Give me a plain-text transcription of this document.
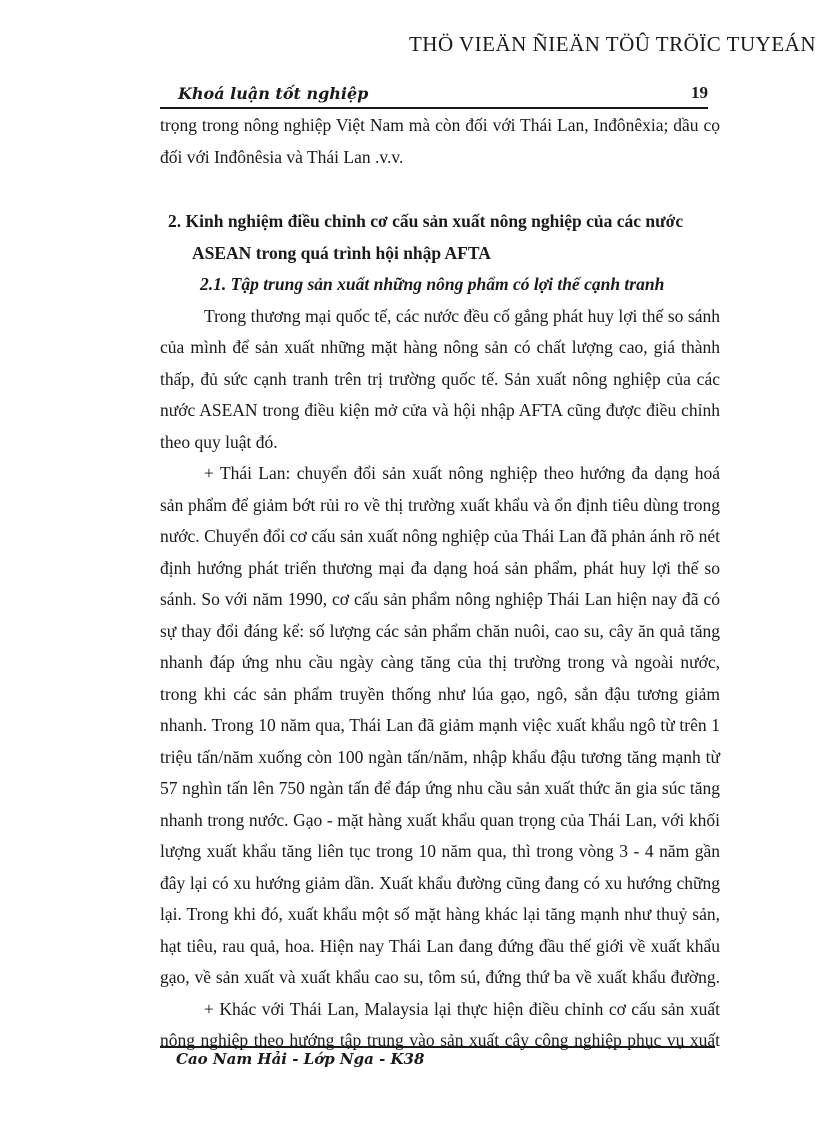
THÖ VIEÄN ÑIEÄN TÖÛ TRÖÏC TUYEÁN
Khoá luận tốt nghiệp	19
trọng trong nông nghiệp Việt Nam mà còn đối với Thái Lan, Inđônêxia; dầu cọ
đối với Inđônêsia và Thái Lan .v.v.
2. Kinh nghiệm điều chỉnh cơ cấu sản xuất nông nghiệp của các nước
ASEAN trong quá trình hội nhập AFTA
2.1. Tập trung sản xuất những nông phẩm có lợi thế cạnh tranh
Trong thương mại quốc tế, các nước đều cố gắng phát huy lợi thế so sánh
của mình để sản xuất những mặt hàng nông sản có chất lượng cao, giá thành
thấp, đủ sức cạnh tranh trên trị trường quốc tế. Sản xuất nông nghiệp của các
nước ASEAN trong điều kiện mở cửa và hội nhập AFTA cũng được điều chỉnh
theo quy luật đó.
+ Thái Lan: chuyển đổi sản xuất nông nghiệp theo hướng đa dạng hoá
sản phẩm để giảm bớt rủi ro về thị trường xuất khẩu và ổn định tiêu dùng trong
nước. Chuyển đổi cơ cấu sản xuất nông nghiệp của Thái Lan đã phản ánh rõ nét
định hướng phát triển thương mại đa dạng hoá sản phẩm, phát huy lợi thế so
sánh. So với năm 1990, cơ cấu sản phẩm nông nghiệp Thái Lan hiện nay đã có
sự thay đổi đáng kể: số lượng các sản phẩm chăn nuôi, cao su, cây ăn quả tăng
nhanh đáp ứng nhu cầu ngày càng tăng của thị trường trong và ngoài nước,
trong khi các sản phẩm truyền thống như lúa gạo, ngô, sắn đậu tương giảm
nhanh. Trong 10 năm qua, Thái Lan đã giảm mạnh việc xuất khẩu ngô từ trên 1
triệu tấn/năm xuống còn 100 ngàn tấn/năm, nhập khẩu đậu tương tăng mạnh từ
57 nghìn tấn lên 750 ngàn tấn để đáp ứng nhu cầu sản xuất thức ăn gia súc tăng
nhanh trong nước. Gạo - mặt hàng xuất khẩu quan trọng của Thái Lan, với khối
lượng xuất khẩu tăng liên tục trong 10 năm qua, thì trong vòng 3 - 4 năm gần
đây lại có xu hướng giảm dần. Xuất khẩu đường cũng đang có xu hướng chững
lại. Trong khi đó, xuất khẩu một số mặt hàng khác lại tăng mạnh như thuỷ sản,
hạt tiêu, rau quả, hoa. Hiện nay Thái Lan đang đứng đầu thế giới về xuất khẩu
gạo, về sản xuất và xuất khẩu cao su, tôm sú, đứng thứ ba về xuất khẩu đường.
+ Khác với Thái Lan, Malaysia lại thực hiện điều chỉnh cơ cấu sản xuất
nông nghiệp theo hướng tập trung vào sản xuất cây công nghiệp phục vụ xuất
Cao Nam Hải - Lớp Nga - K38
